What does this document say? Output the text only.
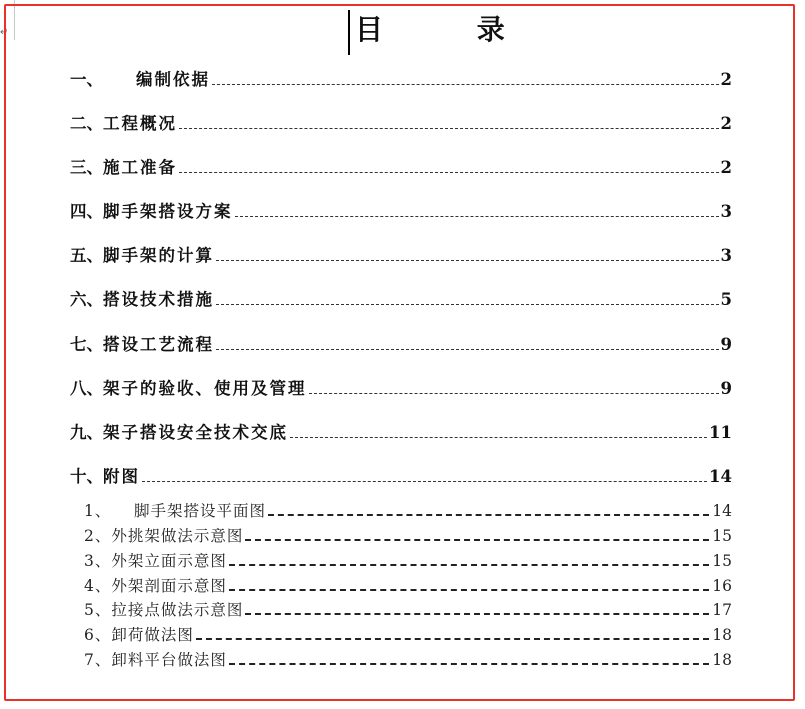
↵	目 录
一、	编制依据	2
二、 工程概况	2
三、 施工准备	2
四、 脚手架搭设方案	3
五、 脚手架的计算	3
六、 搭设技术措施	5
七、 搭设工艺流程	9
八、 架子的验收、使用及管理	9
九、 架子搭设安全技术交底	11
十、 附图	14
1、	脚手架搭设平面图	14
2、 外挑架做法示意图	15
3、 外架立面示意图	15
4、 外架剖面示意图	16
5、 拉接点做法示意图	17
6、 卸荷做法图	18
7、 卸料平台做法图	18
